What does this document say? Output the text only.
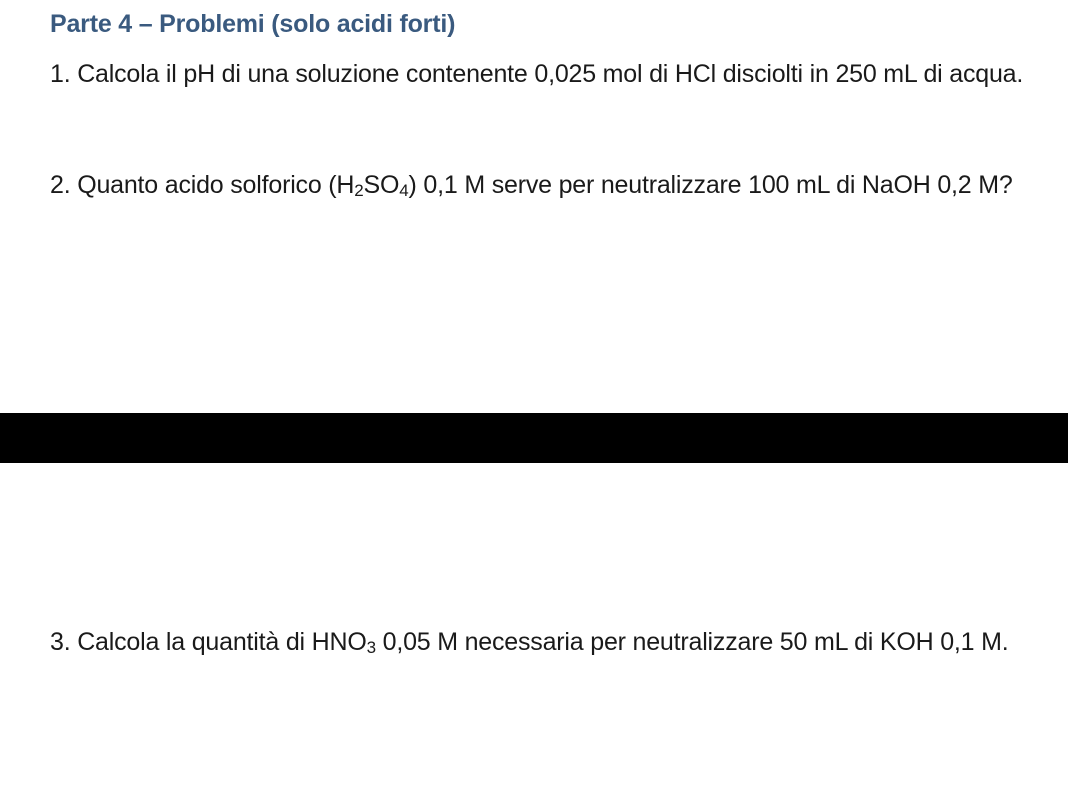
Parte 4 – Problemi (solo acidi forti)
1. Calcola il pH di una soluzione contenente 0,025 mol di HCl disciolti in 250 mL di acqua.
2. Quanto acido solforico $(H_2SO_4)$ 0,1 M serve per neutralizzare 100 mL di NaOH 0,2 M?
3. Calcola la quantità di $HNO_3$ 0,05 M necessaria per neutralizzare 50 mL di KOH 0,1 M.
